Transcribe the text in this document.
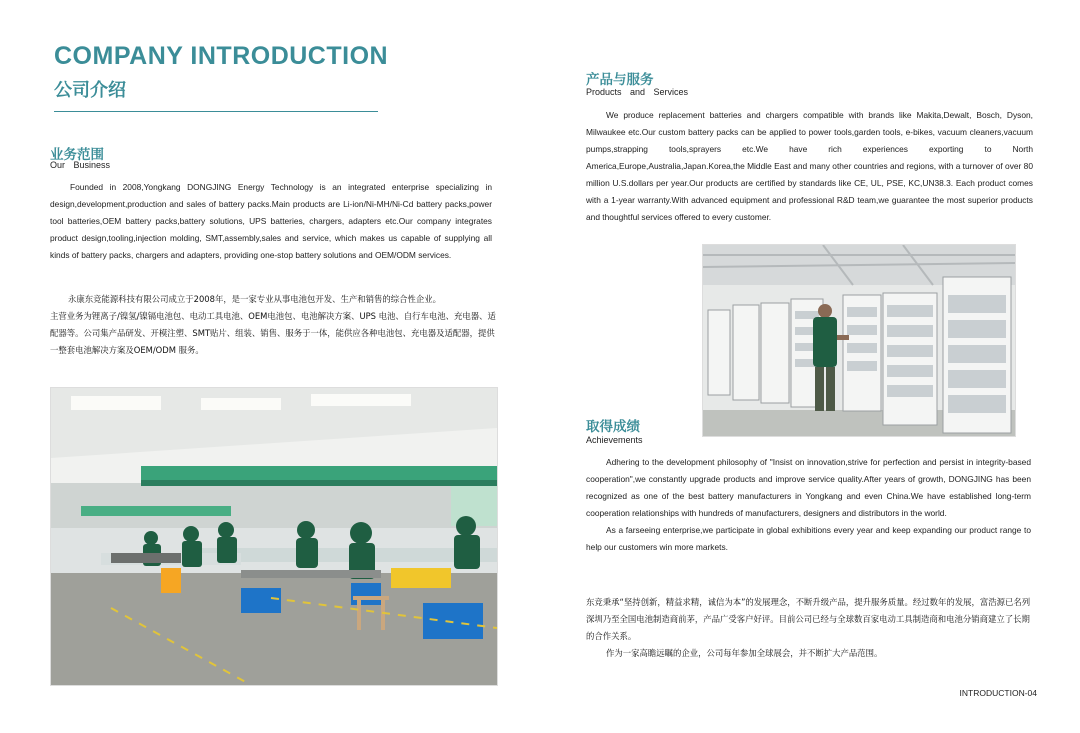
COMPANY INTRODUCTION
公司介绍
业务范围
Our Business

Founded in 2008,Yongkang DONGJING Energy Technology is an integrated enterprise specializing in design,development,production and sales of battery packs.Main products are Li-ion/Ni-MH/Ni-Cd battery packs,power tool batteries,OEM battery packs,battery solutions, UPS batteries, chargers, adapters etc.Our company integrates product design,tooling,injection molding, SMT,assembly,sales and service, which makes us capable of supplying all kinds of battery packs, chargers and adapters, providing one-stop battery solutions and OEM/ODM services.

永康东竞能源科技有限公司成立于2008年，是一家专业从事电池包开发、生产和销售的综合性企业。

主营业务为锂离子/镍氢/镍镉电池包、电动工具电池、OEM电池包、电池解决方案、UPS 电池、自行车电池、充电器、适配器等。公司集产品研发、开模注塑、SMT贴片、组装、销售、服务于一体，能供应各种电池包、充电器及适配器，提供一整套电池解决方案及OEM/ODM 服务。

产品与服务
Products and Services

We produce replacement batteries and chargers compatible with brands like Makita,Dewalt, Bosch, Dyson, Milwaukee etc.Our custom battery packs can be applied to power tools,garden tools, e-bikes, vacuum cleaners,vacuum pumps,strapping tools,sprayers etc.We have rich experiences exporting to North America,Europe,Australia,Japan.Korea,the Middle East and many other countries and regions, with a turnover of over 80 million U.S.dollars per year.Our products are certified by standards like CE, UL, PSE, KC,UN38.3. Each product comes with a 1-year warranty.With advanced equipment and professional R&D team,we guarantee the most superior products and thoughtful services offered to every customer.

取得成绩
Achievements

Adhering to the development philosophy of "Insist on innovation,strive for perfection and persist in integrity-based cooperation",we constantly upgrade products and improve service quality.After years of growth, DONGJING has been recognized as one of the best battery manufacturers in Yongkang and even China.We have established long-term cooperation relationships with hundreds of manufacturers, designers and distributors in the world.

As a farseeing enterprise,we participate in global exhibitions every year and keep expanding our product range to help our customers win more markets.

东竞秉承“坚持创新，精益求精，诚信为本”的发展理念，不断升级产品，提升服务质量。经过数年的发展，富浩源已名列深圳乃至全国电池制造商前茅，产品广受客户好评。目前公司已经与全球数百家电动工具制造商和电池分销商建立了长期的合作关系。

作为一家高瞻远瞩的企业，公司每年参加全球展会，并不断扩大产品范围。

INTRODUCTION-04
